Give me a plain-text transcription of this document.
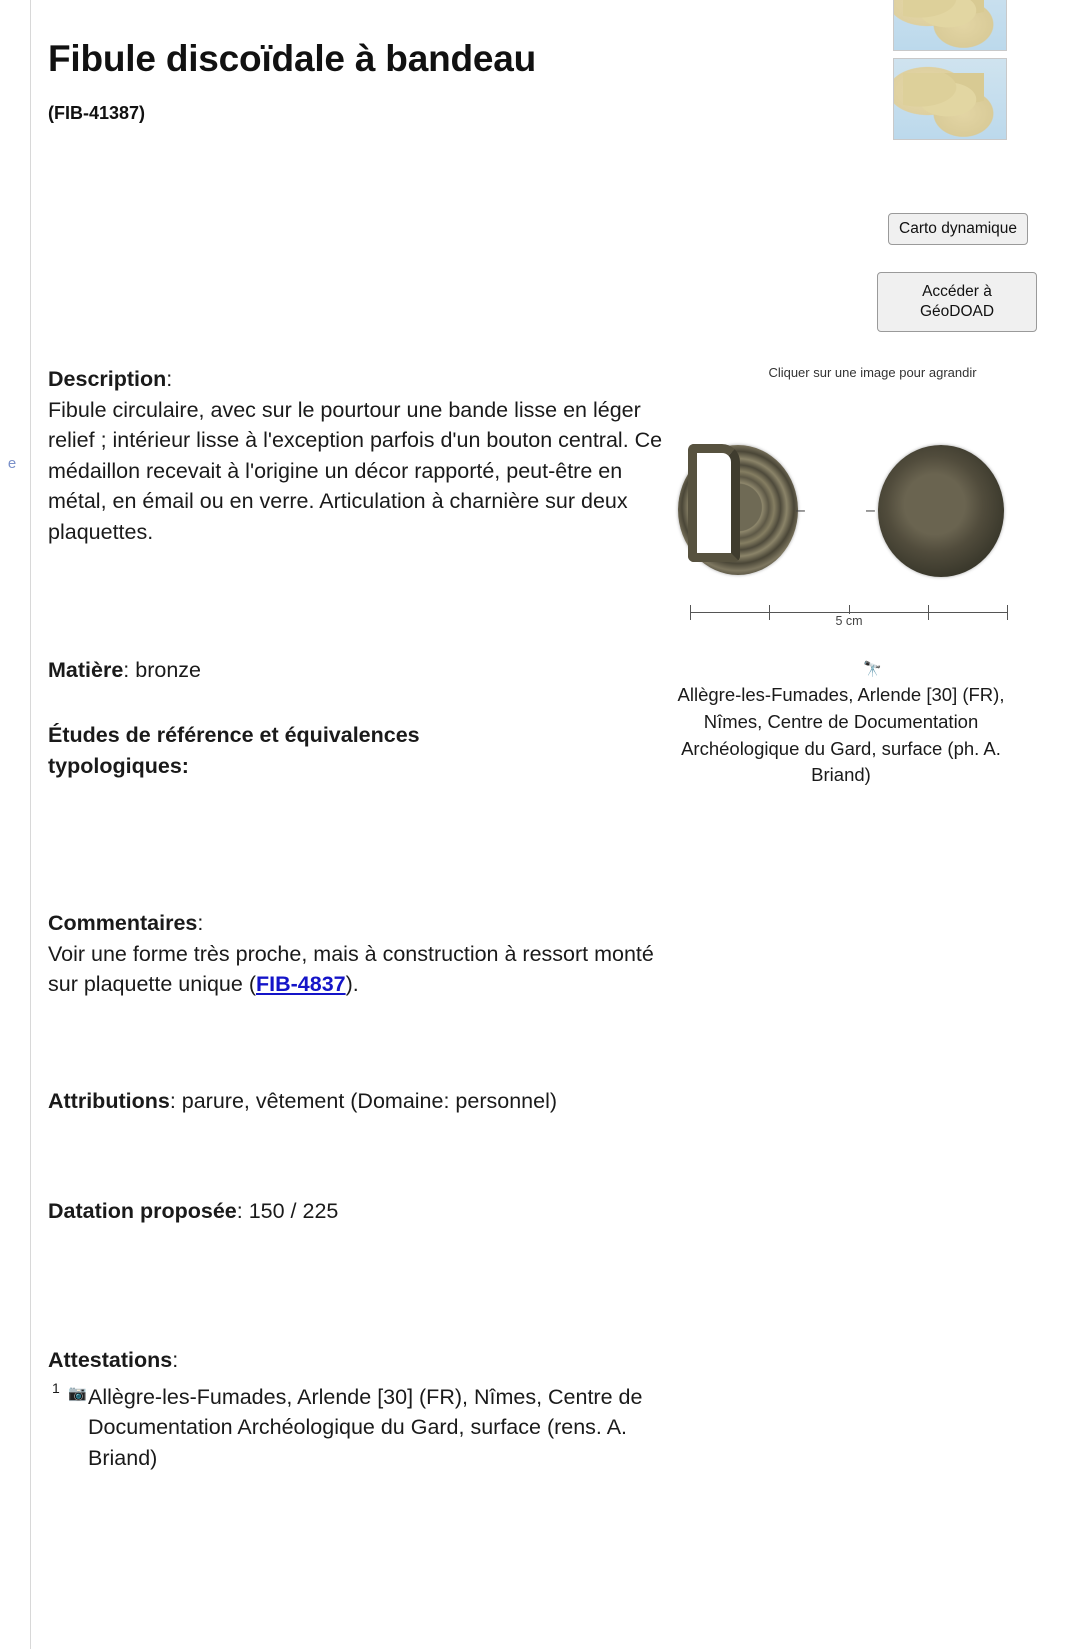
e
Fibule discoïdale à bandeau
(FIB-41387)
Description:
Fibule circulaire, avec sur le pourtour une bande lisse en léger relief ; intérieur lisse à l'exception parfois d'un bouton central. Ce médaillon recevait à l'origine un décor rapporté, peut-être en métal, en émail ou en verre. Articulation à charnière sur deux plaquettes.
Matière: bronze
Études de référence et équivalences typologiques:
Commentaires:
Voir une forme très proche, mais à construction à ressort monté sur plaquette unique (FIB-4837).
Attributions: parure, vêtement (Domaine: personnel)
Datation proposée: 150 / 225
Attestations:
1 📷 Allègre-les-Fumades, Arlende [30] (FR), Nîmes, Centre de Documentation Archéologique du Gard, surface (rens. A. Briand)
Carto dynamique
Accéder à GéoDOAD
Cliquer sur une image pour agrandir
–	–
5 cm
🔭
Allègre-les-Fumades, Arlende [30] (FR), Nîmes, Centre de Documentation Archéologique du Gard, surface (ph. A. Briand)
